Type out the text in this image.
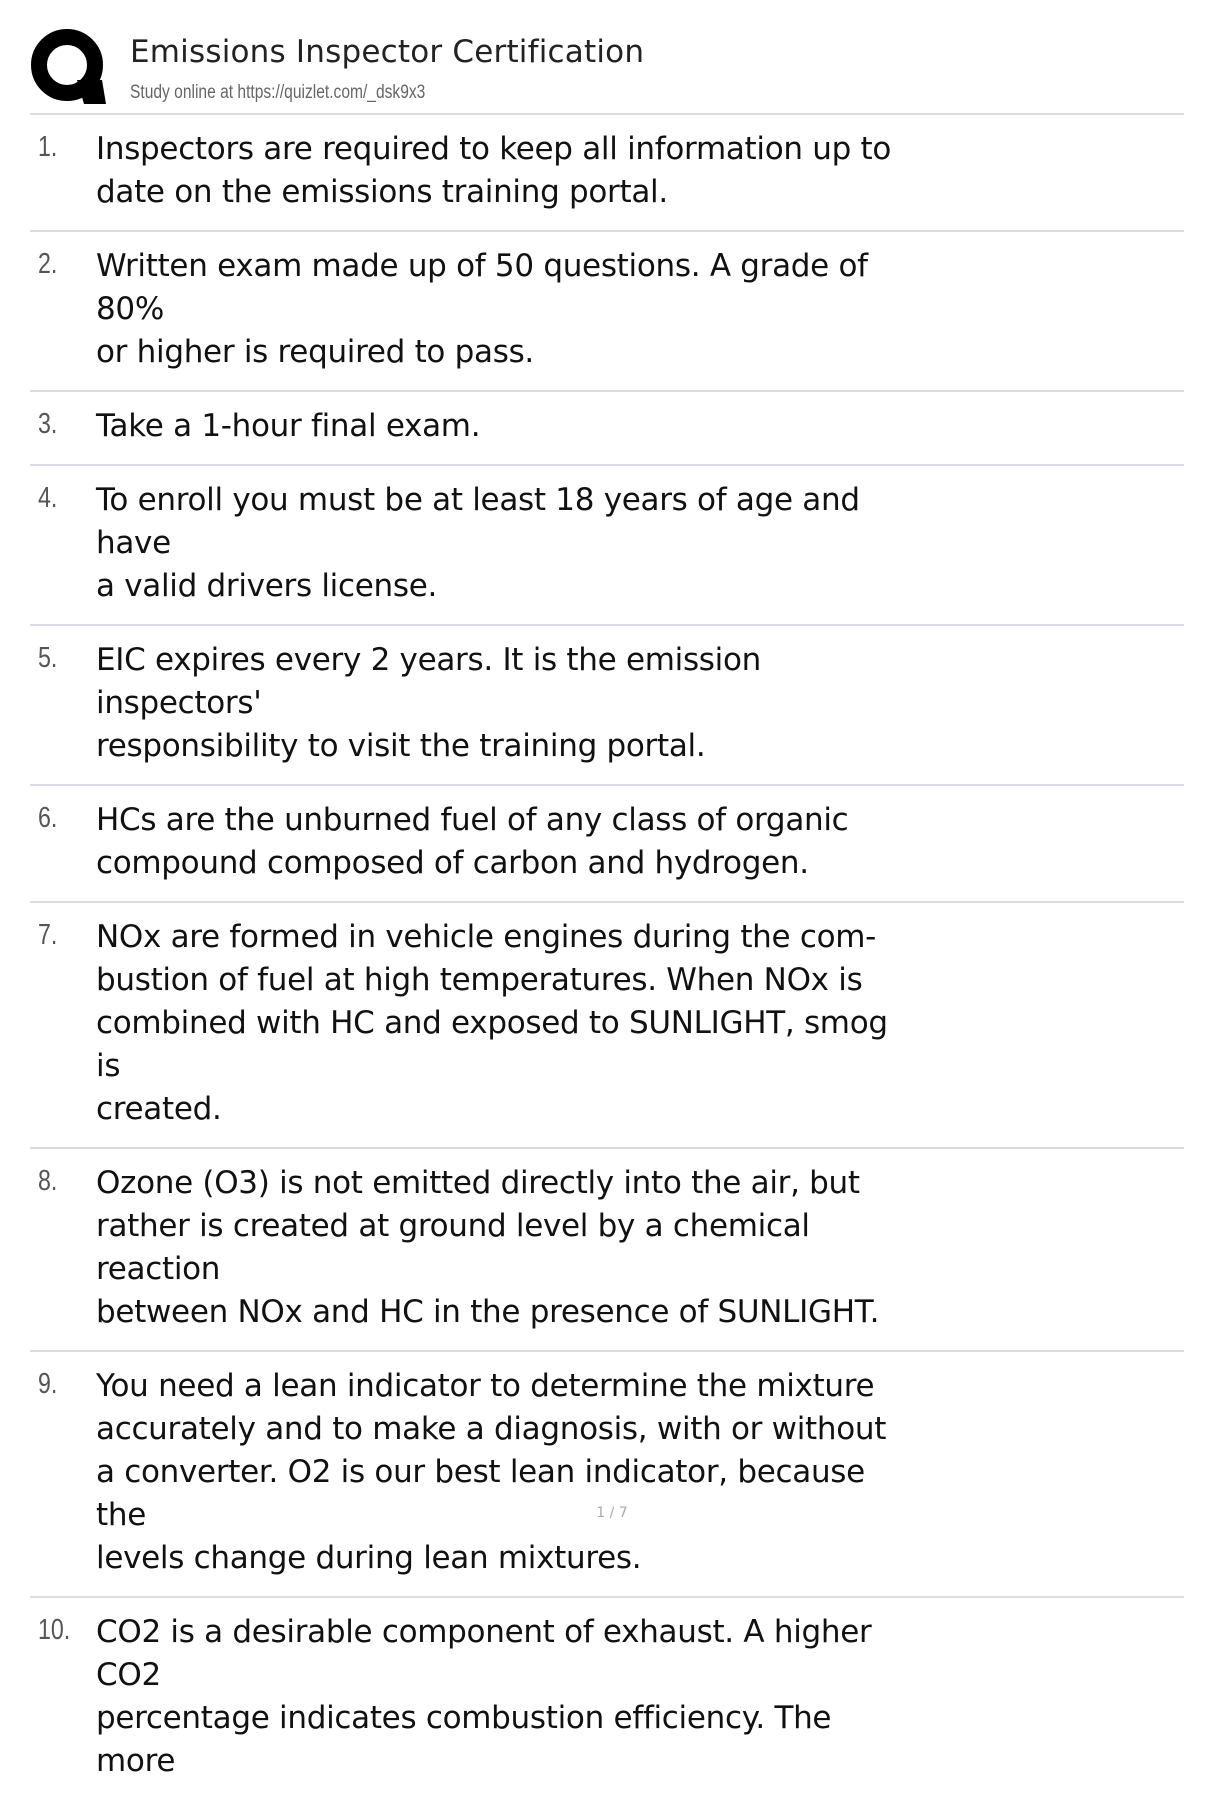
Emissions Inspector Certification
Study online at https://quizlet.com/_dsk9x3
1. Inspectors are required to keep all information up to
date on the emissions training portal.
2. Written exam made up of 50 questions. A grade of 80%
or higher is required to pass.
3. Take a 1-hour final exam.
4. To enroll you must be at least 18 years of age and have
a valid drivers license.
5. EIC expires every 2 years. It is the emission inspectors'
responsibility to visit the training portal.
6. HCs are the unburned fuel of any class of organic
compound composed of carbon and hydrogen.
7. NOx are formed in vehicle engines during the com-
bustion of fuel at high temperatures. When NOx is
combined with HC and exposed to SUNLIGHT, smog is
created.
8. Ozone (O3) is not emitted directly into the air, but
rather is created at ground level by a chemical reaction
between NOx and HC in the presence of SUNLIGHT.
9. You need a lean indicator to determine the mixture
accurately and to make a diagnosis, with or without
a converter. O2 is our best lean indicator, because the
levels change during lean mixtures.
10. CO2 is a desirable component of exhaust. A higher CO2
percentage indicates combustion efficiency. The more
1 / 7
